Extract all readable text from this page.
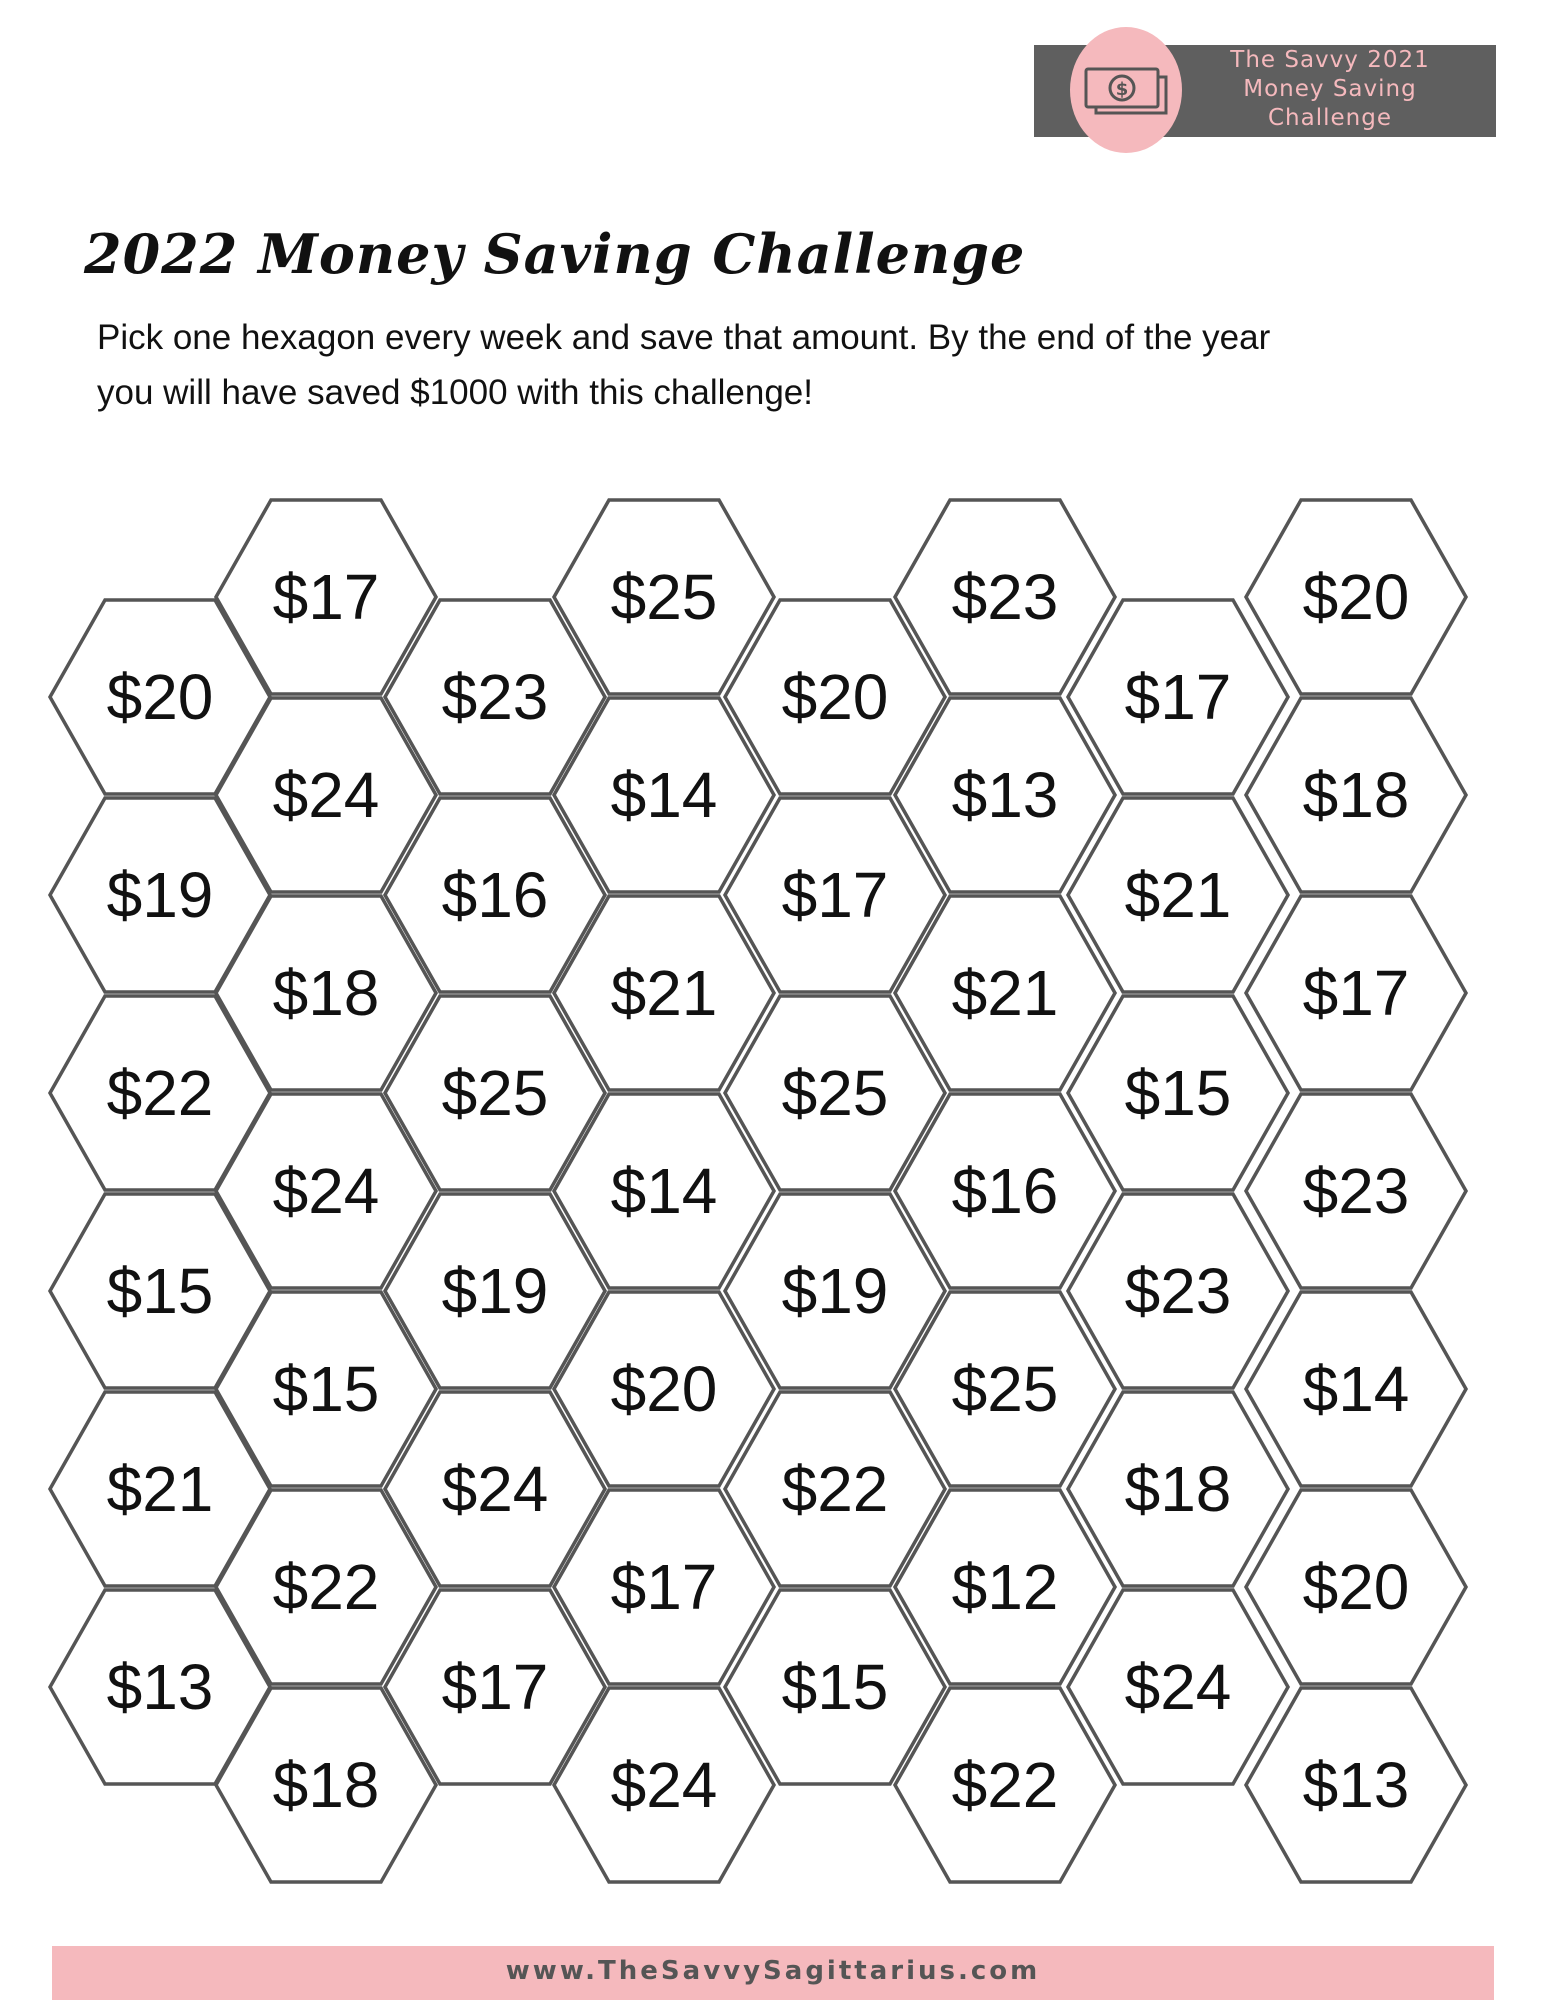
$
The Savvy 2021
Money Saving
Challenge
2022 Money Saving Challenge

Pick one hexagon every week and save that amount. By the end of the year
you will have saved $1000 with this challenge!

$20
$19
$22
$15
$21
$13
$17
$24
$18
$24
$15
$22
$18
$23
$16
$25
$19
$24
$17
$25
$14
$21
$14
$20
$17
$24
$20
$17
$25
$19
$22
$15
$23
$13
$21
$16
$25
$12
$22
$17
$21
$15
$23
$18
$24
$20
$18
$17
$23
$14
$20
$13
www.TheSavvySagittarius.com
